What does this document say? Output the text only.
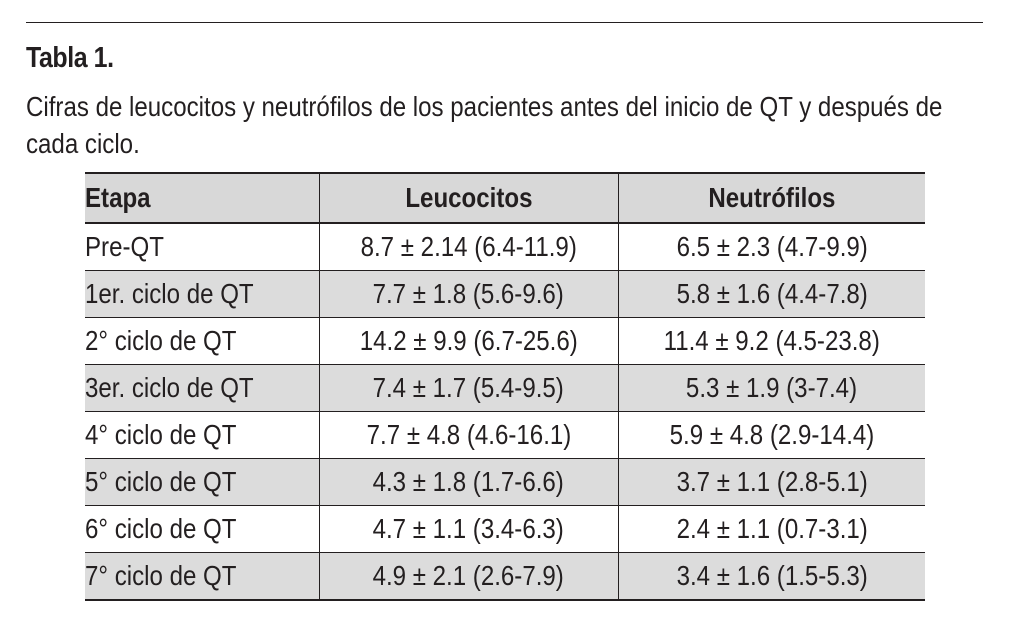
Tabla 1.
Cifras de leucocitos y neutrófilos de los pacientes antes del inicio de QT y después de cada ciclo.
Etapa	Leucocitos	Neutrófilos
Pre-QT	8.7 ± 2.14 (6.4-11.9)	6.5 ± 2.3 (4.7-9.9)
1er. ciclo de QT	7.7 ± 1.8 (5.6-9.6)	5.8 ± 1.6 (4.4-7.8)
2° ciclo de QT	14.2 ± 9.9 (6.7-25.6)	11.4 ± 9.2 (4.5-23.8)
3er. ciclo de QT	7.4 ± 1.7 (5.4-9.5)	5.3 ± 1.9 (3-7.4)
4° ciclo de QT	7.7 ± 4.8 (4.6-16.1)	5.9 ± 4.8 (2.9-14.4)
5° ciclo de QT	4.3 ± 1.8 (1.7-6.6)	3.7 ± 1.1 (2.8-5.1)
6° ciclo de QT	4.7 ± 1.1 (3.4-6.3)	2.4 ± 1.1 (0.7-3.1)
7° ciclo de QT	4.9 ± 2.1 (2.6-7.9)	3.4 ± 1.6 (1.5-5.3)
